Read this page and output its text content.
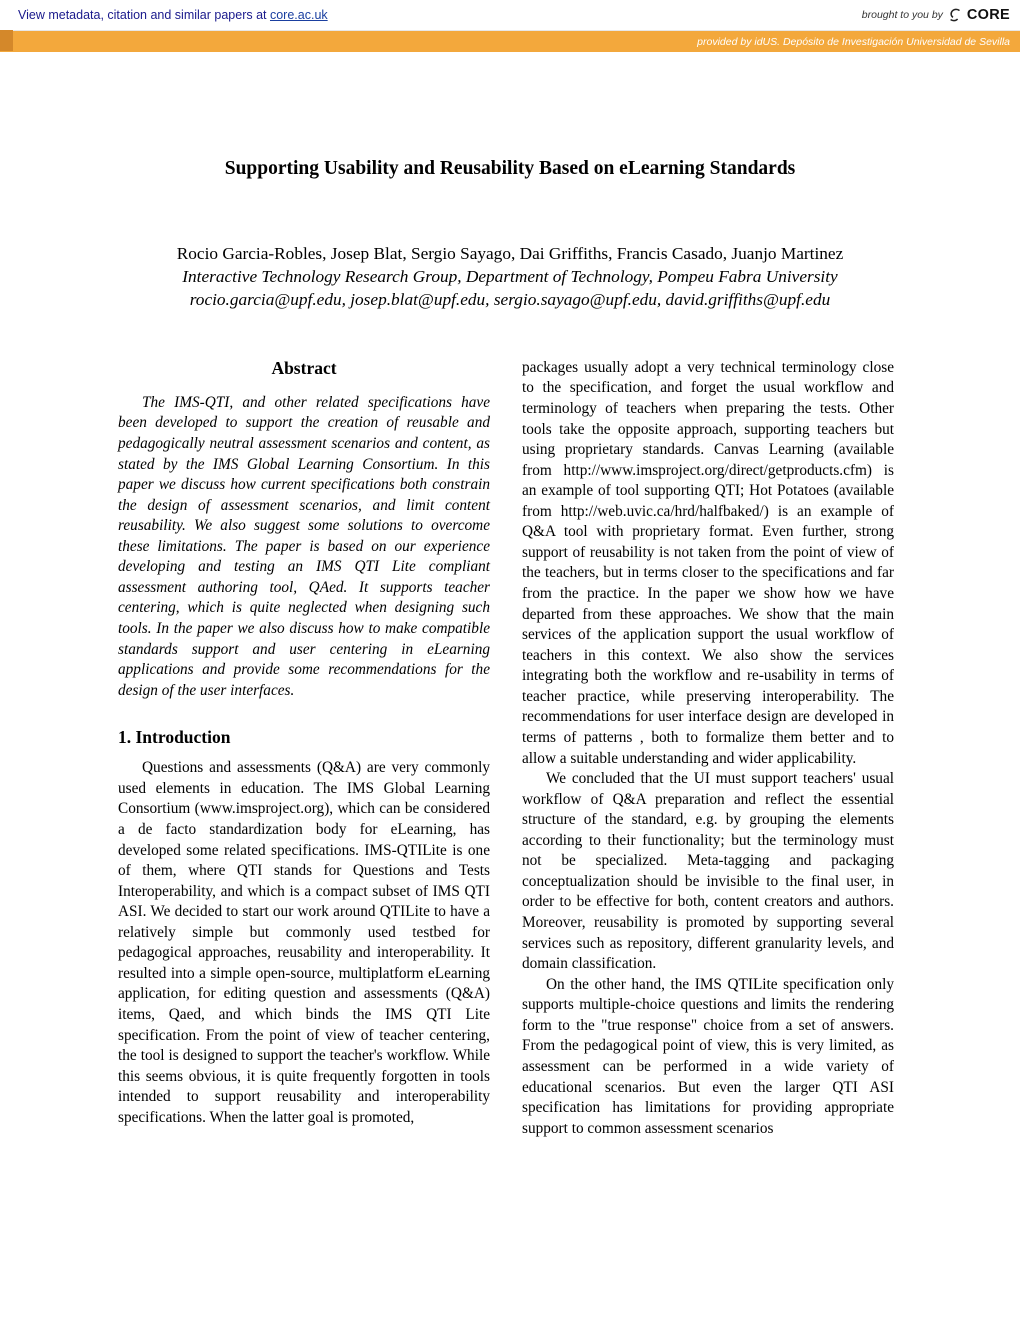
View metadata, citation and similar papers at core.ac.uk	brought to you by CORE
provided by idUS. Depósito de Investigación Universidad de Sevilla
Supporting Usability and Reusability Based on eLearning Standards
Rocio Garcia-Robles, Josep Blat, Sergio Sayago, Dai Griffiths, Francis Casado, Juanjo Martinez
Interactive Technology Research Group, Department of Technology, Pompeu Fabra University
rocio.garcia@upf.edu, josep.blat@upf.edu, sergio.sayago@upf.edu, david.griffiths@upf.edu
Abstract
The IMS-QTI, and other related specifications have been developed to support the creation of reusable and pedagogically neutral assessment scenarios and content, as stated by the IMS Global Learning Consortium. In this paper we discuss how current specifications both constrain the design of assessment scenarios, and limit content reusability. We also suggest some solutions to overcome these limitations. The paper is based on our experience developing and testing an IMS QTI Lite compliant assessment authoring tool, QAed. It supports teacher centering, which is quite neglected when designing such tools. In the paper we also discuss how to make compatible standards support and user centering in eLearning applications and provide some recommendations for the design of the user interfaces.
1. Introduction

Questions and assessments (Q&A) are very commonly used elements in education. The IMS Global Learning Consortium (www.imsproject.org), which can be considered a de facto standardization body for eLearning, has developed some related specifications. IMS-QTILite is one of them, where QTI stands for Questions and Tests Interoperability, and which is a compact subset of IMS QTI ASI. We decided to start our work around QTILite to have a relatively simple but commonly used testbed for pedagogical approaches, reusability and interoperability. It resulted into a simple open-source, multiplatform eLearning application, for editing question and assessments (Q&A) items, Qaed, and which binds the IMS QTI Lite specification. From the point of view of teacher centering, the tool is designed to support the teacher's workflow. While this seems obvious, it is quite frequently forgotten in tools intended to support reusability and interoperability specifications. When the latter goal is promoted,

packages usually adopt a very technical terminology close to the specification, and forget the usual workflow and terminology of teachers when preparing the tests. Other tools take the opposite approach, supporting teachers but using proprietary standards. Canvas Learning (available from http://www.imsproject.org/direct/getproducts.cfm) is an example of tool supporting QTI; Hot Potatoes (available from http://web.uvic.ca/hrd/halfbaked/) is an example of Q&A tool with proprietary format. Even further, strong support of reusability is not taken from the point of view of the teachers, but in terms closer to the specifications and far from the practice. In the paper we show how we have departed from these approaches. We show that the main services of the application support the usual workflow of teachers in this context. We also show the services integrating both the workflow and re-usability in terms of teacher practice, while preserving interoperability. The recommendations for user interface design are developed in terms of patterns , both to formalize them better and to allow a suitable understanding and wider applicability.

We concluded that the UI must support teachers' usual workflow of Q&A preparation and reflect the essential structure of the standard, e.g. by grouping the elements according to their functionality; but the terminology must not be specialized. Meta-tagging and packaging conceptualization should be invisible to the final user, in order to be effective for both, content creators and authors. Moreover, reusability is promoted by supporting several services such as repository, different granularity levels, and domain classification.

On the other hand, the IMS QTILite specification only supports multiple-choice questions and limits the rendering form to the "true response" choice from a set of answers. From the pedagogical point of view, this is very limited, as assessment can be performed in a wide variety of educational scenarios. But even the larger QTI ASI specification has limitations for providing appropriate support to common assessment scenarios
